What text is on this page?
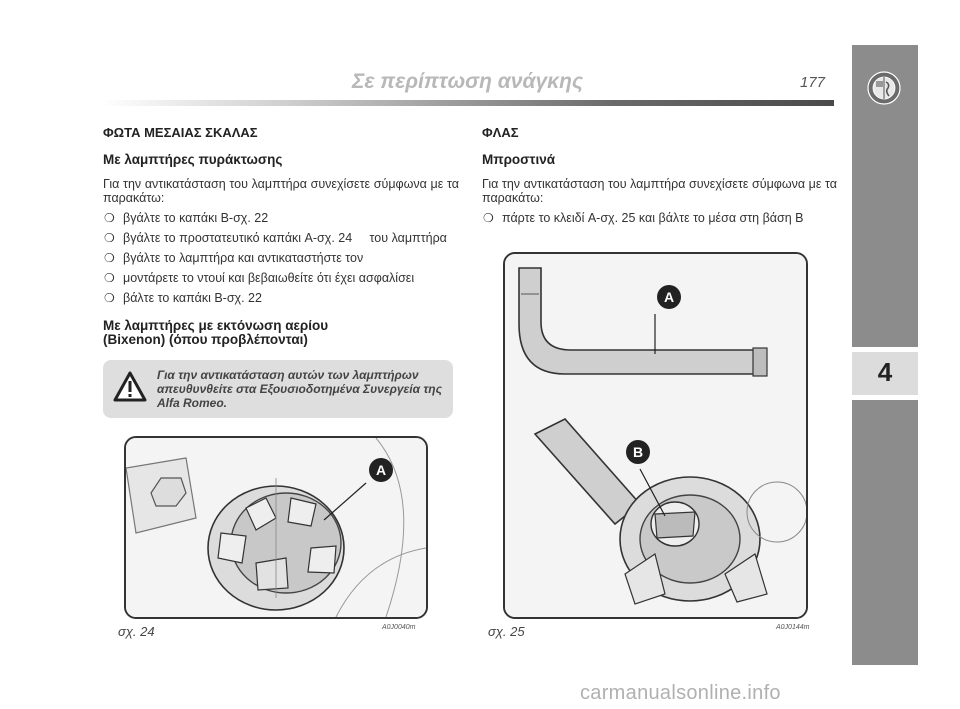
Σε περίπτωση ανάγκης	177
4
ΦΩΤΑ ΜΕΣΑΙΑΣ ΣΚΑΛΑΣ
Με λαμπτήρες πυράκτωσης
Για την αντικατάσταση του λαμπτήρα συνεχίσετε σύμφωνα με τα παρακάτω:
❍ βγάλτε το καπάκι B-σχ. 22
❍ βγάλτε το προστατευτικό καπάκι A-σχ. 24     του λαμπτήρα
❍ βγάλτε το λαμπτήρα και αντικαταστήστε τον
❍ μοντάρετε το ντουί και βεβαιωθείτε ότι έχει ασφαλίσει
❍ βάλτε το καπάκι B-σχ. 22
Με λαμπτήρες με εκτόνωση αερίου
(Bixenon) (όπου προβλέπονται)
Για την αντικατάσταση αυτών των λαμπτήρων απευθυνθείτε στα Εξουσιοδοτημένα Συνεργεία της Alfa Romeo.
ΦΛΑΣ
Μπροστινά
Για την αντικατάσταση του λαμπτήρα συνεχίσετε σύμφωνα με τα παρακάτω:
❍ πάρτε το κλειδί A-σχ. 25 και βάλτε το μέσα στη βάση B
A
σχ. 24	A0J0040m
A
B
σχ. 25	A0J0144m
carmanualsonline.info
